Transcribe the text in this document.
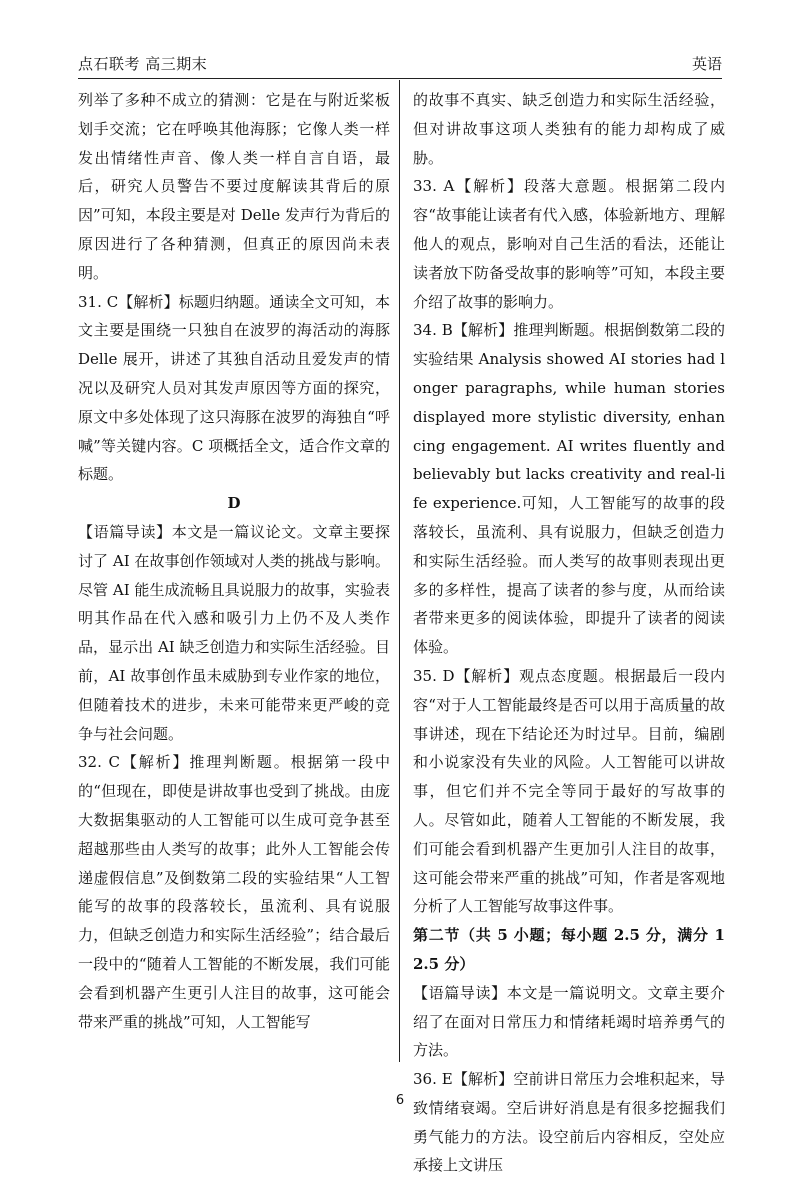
点石联考 高三期末	英语

列举了多种不成立的猜测：它是在与附近桨板划手交流；它在呼唤其他海豚；它像人类一样发出情绪性声音、像人类一样自言自语，最后，研究人员警告不要过度解读其背后的原因”可知，本段主要是对 Delle 发声行为背后的原因进行了各种猜测，但真正的原因尚未表明。

31. C【解析】标题归纳题。通读全文可知，本文主要是围绕一只独自在波罗的海活动的海豚 Delle 展开，讲述了其独自活动且爱发声的情况以及研究人员对其发声原因等方面的探究，原文中多处体现了这只海豚在波罗的海独自“呼喊”等关键内容。C 项概括全文，适合作文章的标题。

D

【语篇导读】本文是一篇议论文。文章主要探讨了 AI 在故事创作领域对人类的挑战与影响。尽管 AI 能生成流畅且具说服力的故事，实验表明其作品在代入感和吸引力上仍不及人类作品，显示出 AI 缺乏创造力和实际生活经验。目前，AI 故事创作虽未威胁到专业作家的地位，但随着技术的进步，未来可能带来更严峻的竞争与社会问题。

32. C【解析】推理判断题。根据第一段中的“但现在，即使是讲故事也受到了挑战。由庞大数据集驱动的人工智能可以生成可竞争甚至超越那些由人类写的故事；此外人工智能会传递虚假信息”及倒数第二段的实验结果“人工智能写的故事的段落较长，虽流利、具有说服力，但缺乏创造力和实际生活经验”；结合最后一段中的“随着人工智能的不断发展，我们可能会看到机器产生更引人注目的故事，这可能会带来严重的挑战”可知，人工智能写

的故事不真实、缺乏创造力和实际生活经验，但对讲故事这项人类独有的能力却构成了威胁。

33. A【解析】段落大意题。根据第二段内容“故事能让读者有代入感，体验新地方、理解他人的观点，影响对自己生活的看法，还能让读者放下防备受故事的影响等”可知，本段主要介绍了故事的影响力。

34. B【解析】推理判断题。根据倒数第二段的实验结果 Analysis showed AI stories had longer paragraphs, while human stories displayed more stylistic diversity, enhancing engagement. AI writes fluently and believably but lacks creativity and real-life experience.可知，人工智能写的故事的段落较长，虽流利、具有说服力，但缺乏创造力和实际生活经验。而人类写的故事则表现出更多的多样性，提高了读者的参与度，从而给读者带来更多的阅读体验，即提升了读者的阅读体验。

35. D【解析】观点态度题。根据最后一段内容“对于人工智能最终是否可以用于高质量的故事讲述，现在下结论还为时过早。目前，编剧和小说家没有失业的风险。人工智能可以讲故事，但它们并不完全等同于最好的写故事的人。尽管如此，随着人工智能的不断发展，我们可能会看到机器产生更加引人注目的故事，这可能会带来严重的挑战”可知，作者是客观地分析了人工智能写故事这件事。

第二节（共 5 小题；每小题 2.5 分，满分 12.5 分）

【语篇导读】本文是一篇说明文。文章主要介绍了在面对日常压力和情绪耗竭时培养勇气的方法。

36. E【解析】空前讲日常压力会堆积起来，导致情绪衰竭。空后讲好消息是有很多挖掘我们勇气能力的方法。设空前后内容相反，空处应承接上文讲压

6
